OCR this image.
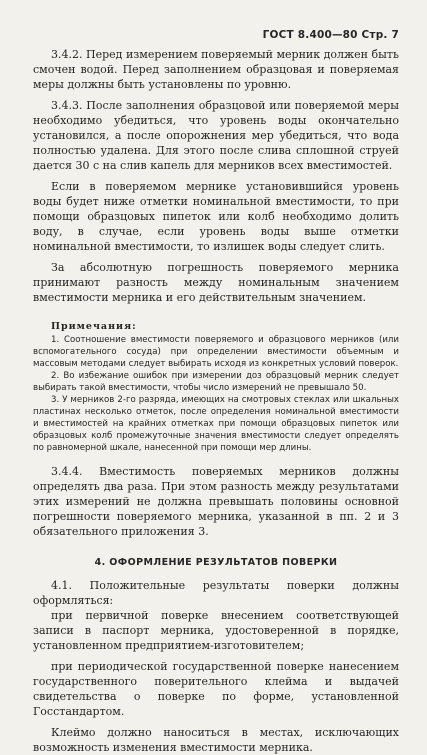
ГОСТ 8.400—80 Стр. 7

3.4.2. Перед измерением поверяемый мерник должен быть смочен водой. Перед заполнением образцовая и поверяемая меры должны быть установлены по уровню.

3.4.3. После заполнения образцовой или поверяемой меры необходимо убедиться, что уровень воды окончательно установился, а после опорожнения мер убедиться, что вода полностью удалена. Для этого после слива сплошной струей дается 30 с на слив капель для мерников всех вместимостей.

Если в поверяемом мернике установившийся уровень воды будет ниже отметки номинальной вместимости, то при помощи образцовых пипеток или колб необходимо долить воду, в случае, если уровень воды выше отметки номинальной вместимости, то излишек воды следует слить.

За абсолютную погрешность поверяемого мерника принимают разность между номинальным значением вместимости мерника и его действительным значением.

Примечания:

1. Соотношение вместимости поверяемого и образцового мерников (или вспомогательного сосуда) при определении вместимости объемным и массовым методами следует выбирать исходя из конкретных условий поверок.

2. Во избежание ошибок при измерении доз образцовый мерник следует выбирать такой вместимости, чтобы число измерений не превышало 50.

3. У мерников 2-го разряда, имеющих на смотровых стеклах или шкальных пластинах несколько отметок, после определения номинальной вместимости и вместимостей на крайних отметках при помощи образцовых пипеток или образцовых колб промежуточные значения вместимости следует определять по равномерной шкале, нанесенной при помощи мер длины.

3.4.4. Вместимость поверяемых мерников должны определять два раза. При этом разность между результатами этих измерений не должна превышать половины основной погрешности поверяемого мерника, указанной в пп. 2 и 3 обязательного приложения 3.

4. ОФОРМЛЕНИЕ РЕЗУЛЬТАТОВ ПОВЕРКИ

4.1. Положительные результаты поверки должны оформляться:

при первичной поверке внесением соответствующей записи в паспорт мерника, удостоверенной в порядке, установленном предприятием-изготовителем;

при периодической государственной поверке нанесением государственного поверительного клейма и выдачей свидетельства о поверке по форме, установленной Госстандартом.

Клеймо должно наноситься в местах, исключающих возможность изменения вместимости мерника.
